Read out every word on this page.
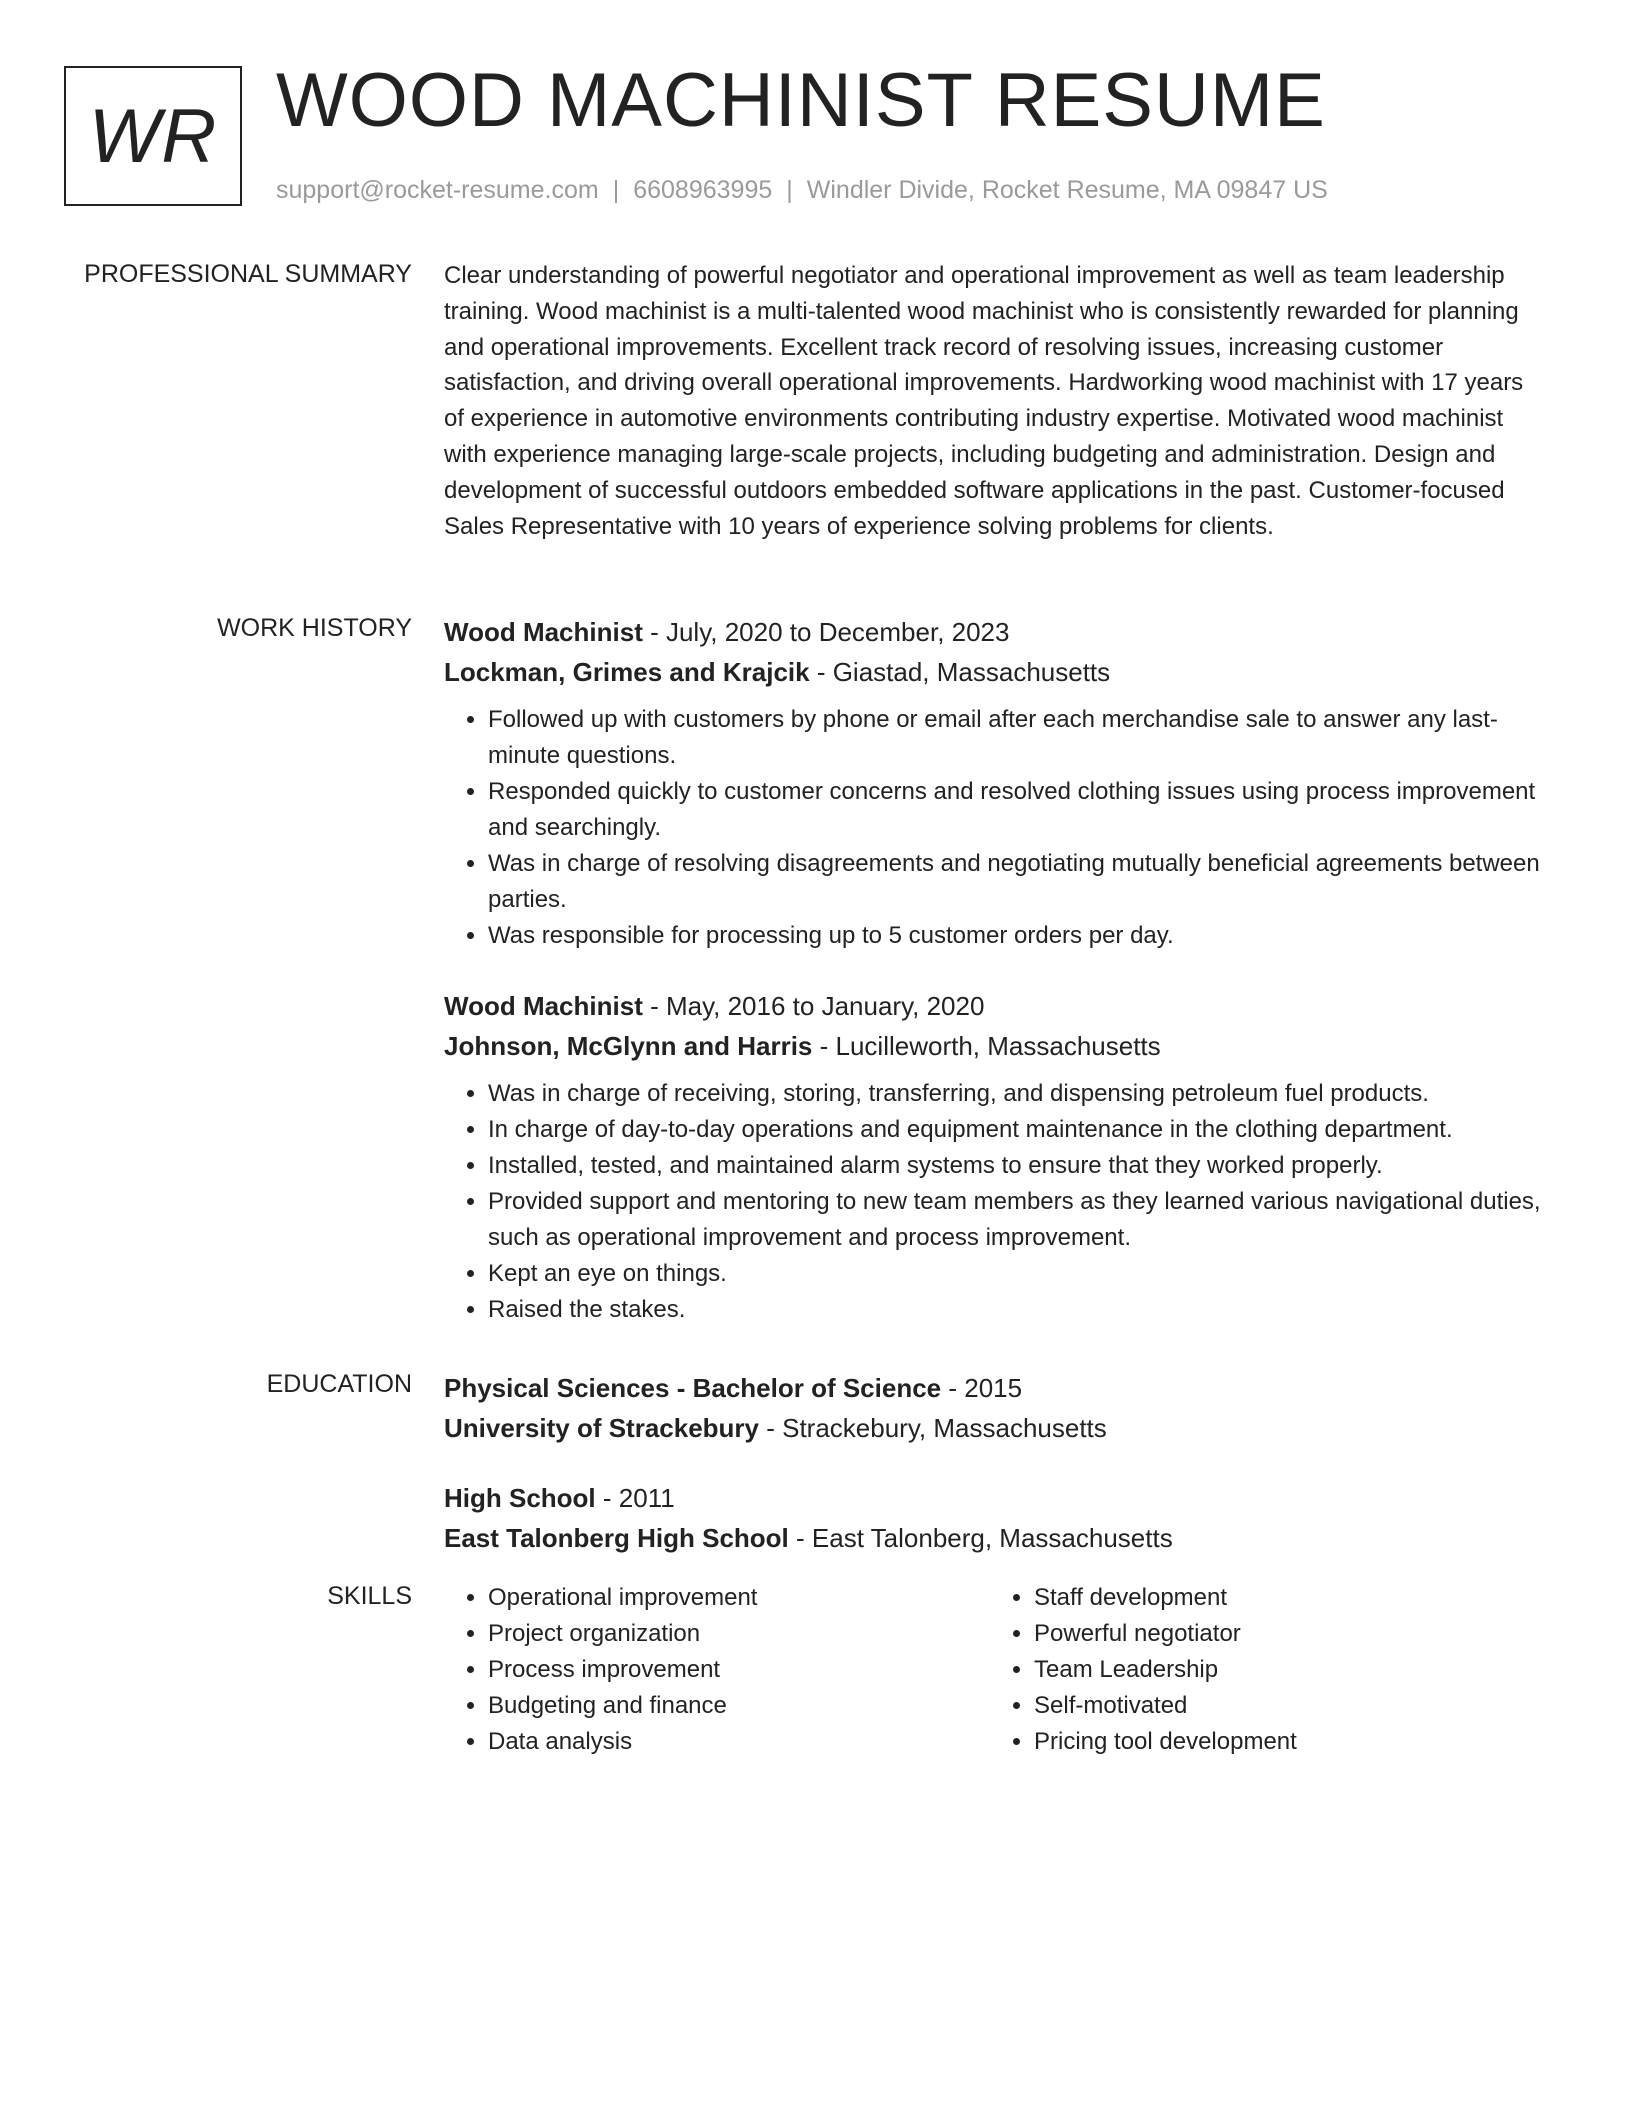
WR WOOD MACHINIST RESUME
support@rocket-resume.com | 6608963995 | Windler Divide, Rocket Resume, MA 09847 US
PROFESSIONAL SUMMARY Clear understanding of powerful negotiator and operational improvement as well as team leadership training. Wood machinist is a multi-talented wood machinist who is consistently rewarded for planning and operational improvements. Excellent track record of resolving issues, increasing customer satisfaction, and driving overall operational improvements. Hardworking wood machinist with 17 years of experience in automotive environments contributing industry expertise. Motivated wood machinist with experience managing large-scale projects, including budgeting and administration. Design and development of successful outdoors embedded software applications in the past. Customer-focused Sales Representative with 10 years of experience solving problems for clients.

WORK HISTORY Wood Machinist - July, 2020 to December, 2023

Lockman, Grimes and Krajcik - Giastad, Massachusetts

• Followed up with customers by phone or email after each merchandise sale to answer any last-minute questions.
• Responded quickly to customer concerns and resolved clothing issues using process improvement and searchingly.
• Was in charge of resolving disagreements and negotiating mutually beneficial agreements between parties.
• Was responsible for processing up to 5 customer orders per day.

Wood Machinist - May, 2016 to January, 2020

Johnson, McGlynn and Harris - Lucilleworth, Massachusetts

• Was in charge of receiving, storing, transferring, and dispensing petroleum fuel products.
• In charge of day-to-day operations and equipment maintenance in the clothing department.
• Installed, tested, and maintained alarm systems to ensure that they worked properly.
• Provided support and mentoring to new team members as they learned various navigational duties, such as operational improvement and process improvement.
• Kept an eye on things.
• Raised the stakes.
EDUCATION Physical Sciences - Bachelor of Science - 2015

University of Strackebury - Strackebury, Massachusetts

High School - 2011

East Talonberg High School - East Talonberg, Massachusetts

SKILLS
•	Operational improvement
• Project organization
• Process improvement
• Budgeting and finance
• Data analysis
• Staff development
• Powerful negotiator
• Team Leadership
• Self-motivated
• Pricing tool development
